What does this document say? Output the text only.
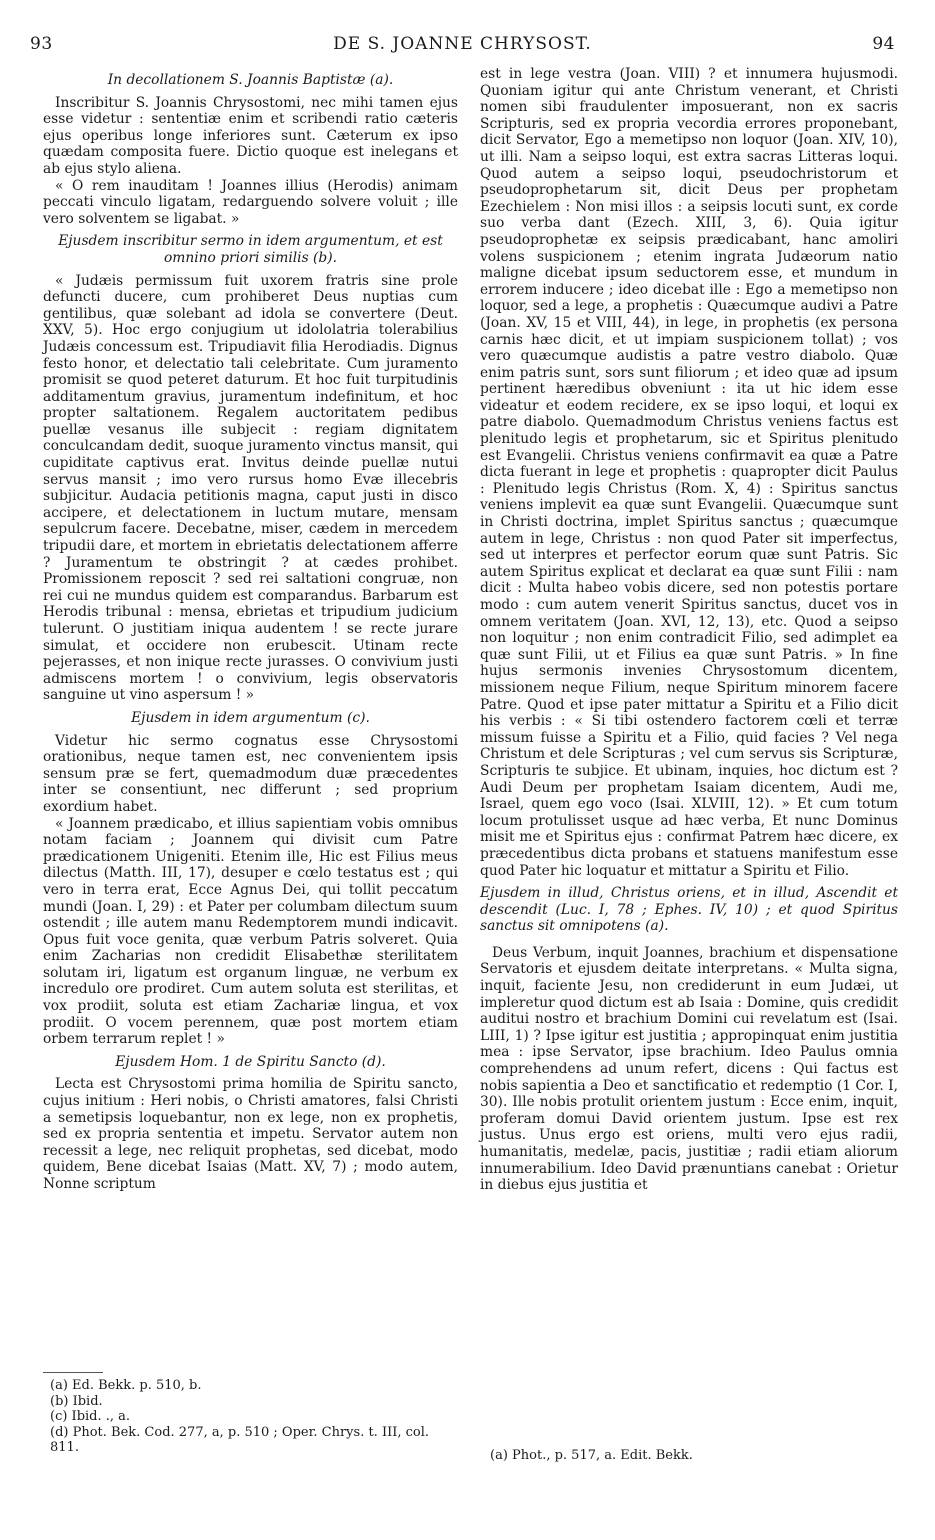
93	DE S. JOANNE CHRYSOST.	94

In decollationem S. Joannis Baptistæ (a).

Inscribitur S. Joannis Chrysostomi, nec mihi tamen ejus esse videtur : sententiæ enim et scribendi ratio cæteris ejus operibus longe inferiores sunt. Cæterum ex ipso quædam composita fuere. Dictio quoque est inelegans et ab ejus stylo aliena.

« O rem inauditam ! Joannes illius (Herodis) animam peccati vinculo ligatam, redarguendo solvere voluit ; ille vero solventem se ligabat. »

Ejusdem inscribitur sermo in idem argumentum, et est omnino priori similis (b).

« Judæis permissum fuit uxorem fratris sine prole defuncti ducere, cum prohiberet Deus nuptias cum gentilibus, quæ solebant ad idola se convertere (Deut. XXV, 5). Hoc ergo conjugium ut idololatria tolerabilius Judæis concessum est. Tripudiavit filia Herodiadis. Dignus festo honor, et delectatio tali celebritate. Cum juramento promisit se quod peteret daturum. Et hoc fuit turpitudinis additamentum gravius, juramentum indefinitum, et hoc propter saltationem. Regalem auctoritatem pedibus puellæ vesanus ille subjecit : regiam dignitatem conculcandam dedit, suoque juramento vinctus mansit, qui cupiditate captivus erat. Invitus deinde puellæ nutui servus mansit ; imo vero rursus homo Evæ illecebris subjicitur. Audacia petitionis magna, caput justi in disco accipere, et delectationem in luctum mutare, mensam sepulcrum facere. Decebatne, miser, cædem in mercedem tripudii dare, et mortem in ebrietatis delectationem afferre ? Juramentum te obstringit ? at cædes prohibet. Promissionem reposcit ? sed rei saltationi congruæ, non rei cui ne mundus quidem est comparandus. Barbarum est Herodis tribunal : mensa, ebrietas et tripudium judicium tulerunt. O justitiam iniqua audentem ! se recte jurare simulat, et occidere non erubescit. Utinam recte pejerasses, et non inique recte jurasses. O convivium justi admiscens mortem ! o convivium, legis observatoris sanguine ut vino aspersum ! »

Ejusdem in idem argumentum (c).

Videtur hic sermo cognatus esse Chrysostomi orationibus, neque tamen est, nec convenientem ipsis sensum præ se fert, quemadmodum duæ præcedentes inter se consentiunt, nec differunt ; sed proprium exordium habet.

« Joannem prædicabo, et illius sapientiam vobis omnibus notam faciam ; Joannem qui divisit cum Patre prædicationem Unigeniti. Etenim ille, Hic est Filius meus dilectus (Matth. III, 17), desuper e cœlo testatus est ; qui vero in terra erat, Ecce Agnus Dei, qui tollit peccatum mundi (Joan. I, 29) : et Pater per columbam dilectum suum ostendit ; ille autem manu Redemptorem mundi indicavit. Opus fuit voce genita, quæ verbum Patris solveret. Quia enim Zacharias non credidit Elisabethæ sterilitatem solutam iri, ligatum est organum linguæ, ne verbum ex incredulo ore prodiret. Cum autem soluta est sterilitas, et vox prodiit, soluta est etiam Zachariæ lingua, et vox prodiit. O vocem perennem, quæ post mortem etiam orbem terrarum replet ! »

Ejusdem Hom. 1 de Spiritu Sancto (d).

Lecta est Chrysostomi prima homilia de Spiritu sancto, cujus initium : Heri nobis, o Christi amatores, falsi Christi a semetipsis loquebantur, non ex lege, non ex prophetis, sed ex propria sententia et impetu. Servator autem non recessit a lege, nec reliquit prophetas, sed dicebat, modo quidem, Bene dicebat Isaias (Matt. XV, 7) ; modo autem, Nonne scriptum

(a) Ed. Bekk. p. 510, b.

(b) Ibid.

(c) Ibid. ., a.

(d) Phot. Bek. Cod. 277, a, p. 510 ; Oper. Chrys. t. III, col. 811.

est in lege vestra (Joan. VIII) ? et innumera hujusmodi. Quoniam igitur qui ante Christum venerant, et Christi nomen sibi fraudulenter imposuerant, non ex sacris Scripturis, sed ex propria vecordia errores proponebant, dicit Servator, Ego a memetipso non loquor (Joan. XIV, 10), ut illi. Nam a seipso loqui, est extra sacras Litteras loqui. Quod autem a seipso loqui, pseudochristorum et pseudoprophetarum sit, dicit Deus per prophetam Ezechielem : Non misi illos : a seipsis locuti sunt, ex corde suo verba dant (Ezech. XIII, 3, 6). Quia igitur pseudoprophetæ ex seipsis prædicabant, hanc amoliri volens suspicionem ; etenim ingrata Judæorum natio maligne dicebat ipsum seductorem esse, et mundum in errorem inducere ; ideo dicebat ille : Ego a memetipso non loquor, sed a lege, a prophetis : Quæcumque audivi a Patre (Joan. XV, 15 et VIII, 44), in lege, in prophetis (ex persona carnis hæc dicit, et ut impiam suspicionem tollat) ; vos vero quæcumque audistis a patre vestro diabolo. Quæ enim patris sunt, sors sunt filiorum ; et ideo quæ ad ipsum pertinent hæredibus obveniunt : ita ut hic idem esse videatur et eodem recidere, ex se ipso loqui, et loqui ex patre diabolo. Quemadmodum Christus veniens factus est plenitudo legis et prophetarum, sic et Spiritus plenitudo est Evangelii. Christus veniens confirmavit ea quæ a Patre dicta fuerant in lege et prophetis : quapropter dicit Paulus : Plenitudo legis Christus (Rom. X, 4) : Spiritus sanctus veniens implevit ea quæ sunt Evangelii. Quæcumque sunt in Christi doctrina, implet Spiritus sanctus ; quæcumque autem in lege, Christus : non quod Pater sit imperfectus, sed ut interpres et perfector eorum quæ sunt Patris. Sic autem Spiritus explicat et declarat ea quæ sunt Filii : nam dicit : Multa habeo vobis dicere, sed non potestis portare modo : cum autem venerit Spiritus sanctus, ducet vos in omnem veritatem (Joan. XVI, 12, 13), etc. Quod a seipso non loquitur ; non enim contradicit Filio, sed adimplet ea quæ sunt Filii, ut et Filius ea quæ sunt Patris. » In fine hujus sermonis invenies Chrysostomum dicentem, missionem neque Filium, neque Spiritum minorem facere Patre. Quod et ipse pater mittatur a Spiritu et a Filio dicit his verbis : « Si tibi ostendero factorem cœli et terræ missum fuisse a Spiritu et a Filio, quid facies ? Vel nega Christum et dele Scripturas ; vel cum servus sis Scripturæ, Scripturis te subjice. Et ubinam, inquies, hoc dictum est ? Audi Deum per prophetam Isaiam dicentem, Audi me, Israel, quem ego voco (Isai. XLVIII, 12). » Et cum totum locum protulisset usque ad hæc verba, Et nunc Dominus misit me et Spiritus ejus : confirmat Patrem hæc dicere, ex præcedentibus dicta probans et statuens manifestum esse quod Pater hic loquatur et mittatur a Spiritu et Filio.

Ejusdem in illud, Christus oriens, et in illud, Ascendit et descendit (Luc. I, 78 ; Ephes. IV, 10) ; et quod Spiritus sanctus sit omnipotens (a).

Deus Verbum, inquit Joannes, brachium et dispensatione Servatoris et ejusdem deitate interpretans. « Multa signa, inquit, faciente Jesu, non crediderunt in eum Judæi, ut impleretur quod dictum est ab Isaia : Domine, quis credidit auditui nostro et brachium Domini cui revelatum est (Isai. LIII, 1) ? Ipse igitur est justitia ; appropinquat enim justitia mea : ipse Servator, ipse brachium. Ideo Paulus omnia comprehendens ad unum refert, dicens : Qui factus est nobis sapientia a Deo et sanctificatio et redemptio (1 Cor. I, 30). Ille nobis protulit orientem justum : Ecce enim, inquit, proferam domui David orientem justum. Ipse est rex justus. Unus ergo est oriens, multi vero ejus radii, humanitatis, medelæ, pacis, justitiæ ; radii etiam aliorum innumerabilium. Ideo David prænuntians canebat : Orietur in diebus ejus justitia et

(a) Phot., p. 517, a. Edit. Bekk.
